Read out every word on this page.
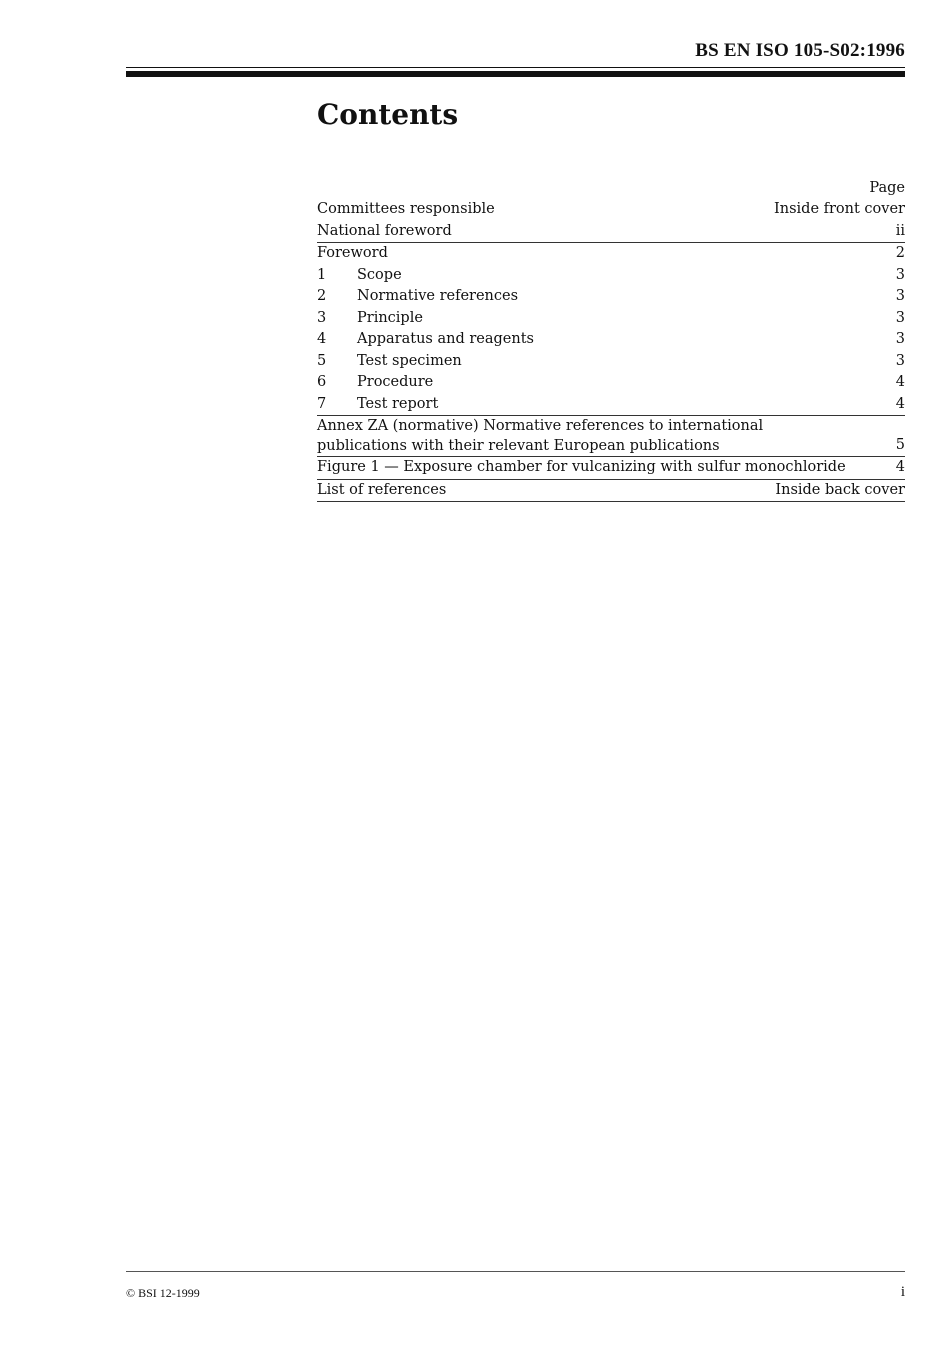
BS EN ISO 105-S02:1996
Contents
Page
Committees responsible	Inside front cover
National foreword	ii
Foreword	2
1 Scope	3
2 Normative references	3
3 Principle	3
4 Apparatus and reagents	3
5 Test specimen	3
6 Procedure	4
7 Test report	4
Annex ZA (normative) Normative references to international
publications with their relevant European publications	5
Figure 1 — Exposure chamber for vulcanizing with sulfur monochloride	4
List of references	Inside back cover
© BSI 12-1999	i
